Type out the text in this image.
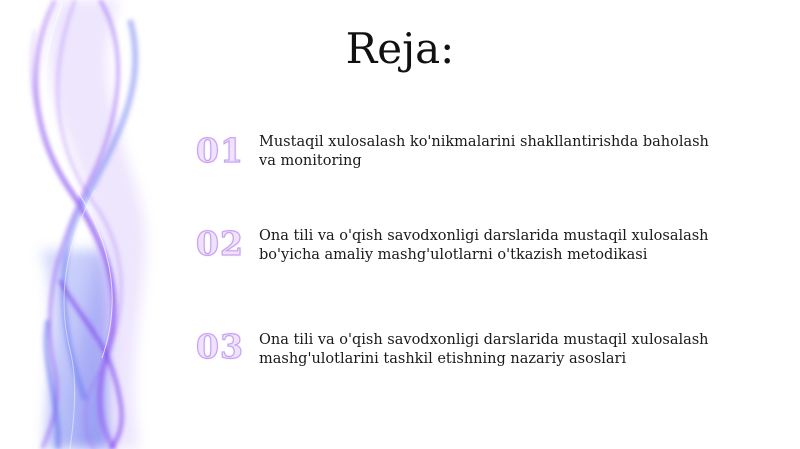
Reja:
01	Mustaqil xulosalash ko'nikmalarini shakllantirishda baholash va monitoring
02	Ona tili va o'qish savodxonligi darslarida mustaqil xulosalash bo'yicha amaliy mashg'ulotlarni o'tkazish metodikasi
03	Ona tili va o'qish savodxonligi darslarida mustaqil xulosalash mashg'ulotlarini tashkil etishning nazariy asoslari
